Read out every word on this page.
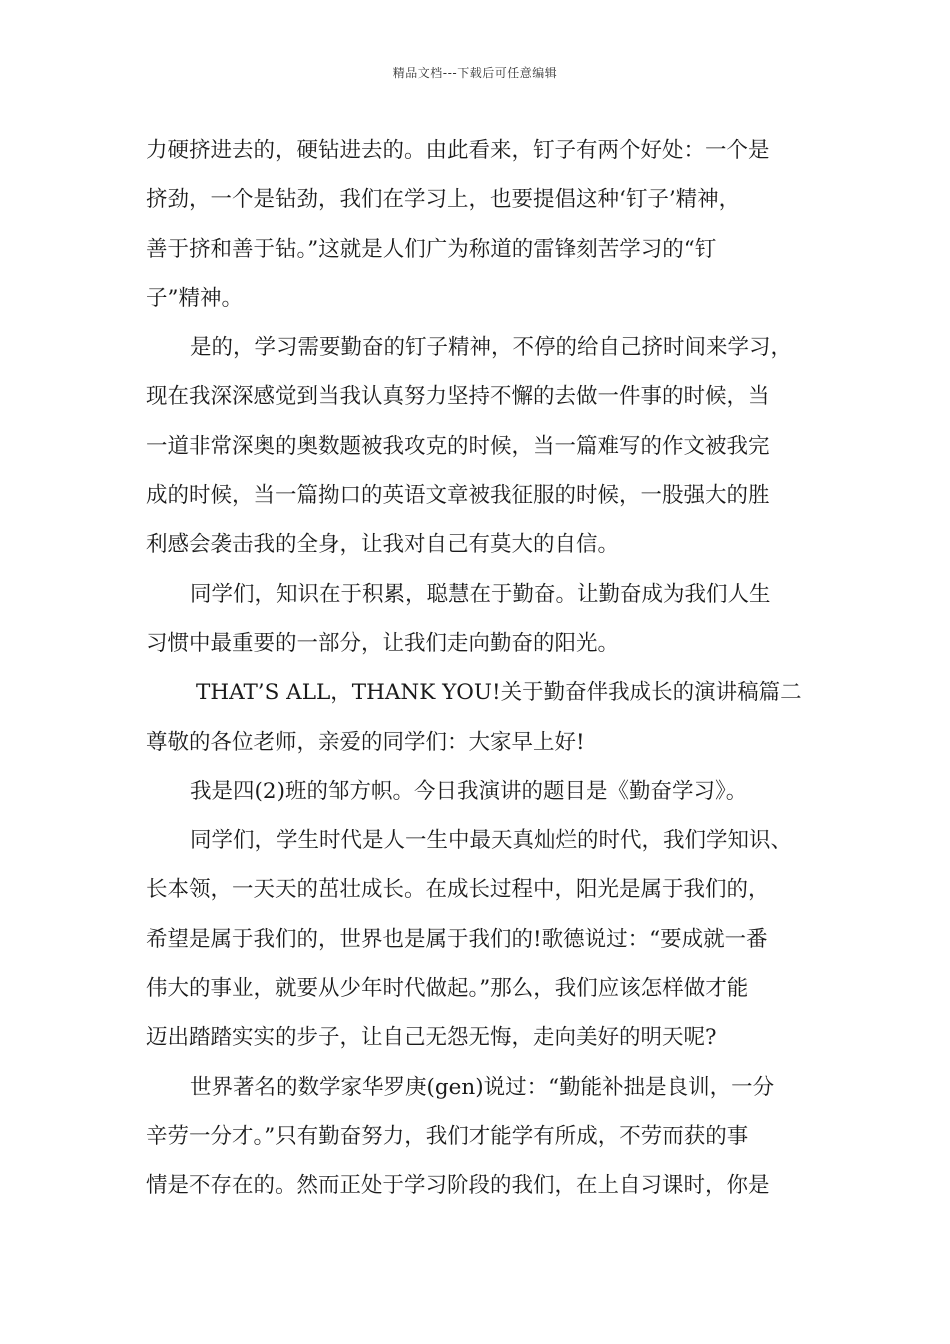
精品文档---下载后可任意编辑
力硬挤进去的，硬钻进去的。由此看来，钉子有两个好处：一个是
挤劲，一个是钻劲，我们在学习上，也要提倡这种‘钉子’精神，
善于挤和善于钻。”这就是人们广为称道的雷锋刻苦学习的“钉
子”精神。
是的，学习需要勤奋的钉子精神，不停的给自己挤时间来学习，
现在我深深感觉到当我认真努力坚持不懈的去做一件事的时候，当
一道非常深奥的奥数题被我攻克的时候，当一篇难写的作文被我完
成的时候，当一篇拗口的英语文章被我征服的时候，一股强大的胜
利感会袭击我的全身，让我对自己有莫大的自信。
同学们，知识在于积累，聪慧在于勤奋。让勤奋成为我们人生
习惯中最重要的一部分，让我们走向勤奋的阳光。
THAT’S ALL，THANK YOU!关于勤奋伴我成长的演讲稿篇二
尊敬的各位老师，亲爱的同学们：大家早上好!
我是四(2)班的邹方帜。今日我演讲的题目是《勤奋学习》。
同学们，学生时代是人一生中最天真灿烂的时代，我们学知识、
长本领，一天天的茁壮成长。在成长过程中，阳光是属于我们的，
希望是属于我们的，世界也是属于我们的!歌德说过：“要成就一番
伟大的事业，就要从少年时代做起。”那么，我们应该怎样做才能
迈出踏踏实实的步子，让自己无怨无悔，走向美好的明天呢?
世界著名的数学家华罗庚(gen)说过：“勤能补拙是良训，一分
辛劳一分才。”只有勤奋努力，我们才能学有所成，不劳而获的事
情是不存在的。然而正处于学习阶段的我们，在上自习课时，你是
